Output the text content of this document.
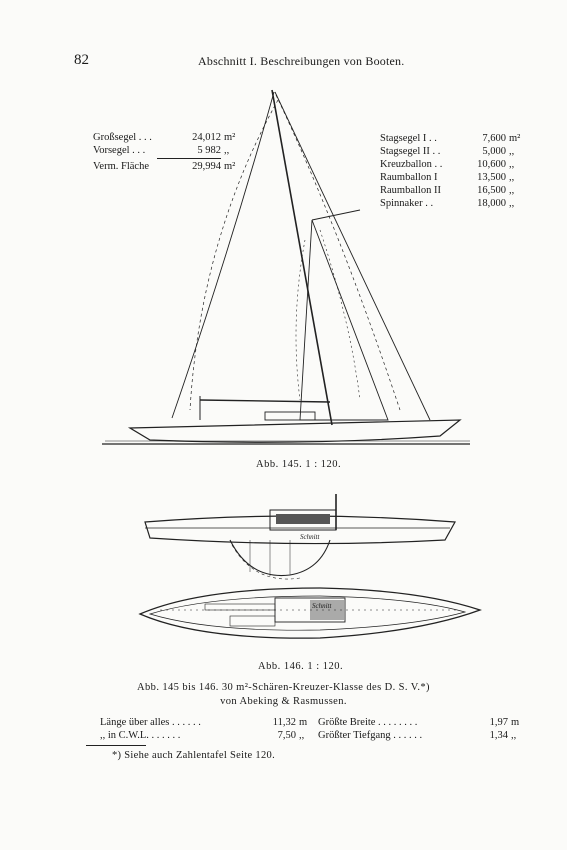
82	Abschnitt I. Beschreibungen von Booten.
Großsegel . . .	24,012 m²
Vorsegel . . .	5 982 ,,
Verm. Fläche	29,994 m²
Stagsegel I . .	7,600 m²
Stagsegel II . .	5,000 ,,
Kreuzballon . .	10,600 ,,
Raumballon I	13,500 ,,
Raumballon II	16,500 ,,
Spinnaker . .	18,000 ,,
Abb. 145. 1 : 120.
Schnitt
Schnitt
Abb. 146. 1 : 120.
Abb. 145 bis 146. 30 m²-Schären-Kreuzer-Klasse des D. S. V.*)
von Abeking & Rasmussen.
Länge über alles . . . . . .	11,32 m
,, in C.W.L. . . . . . .	7,50 ,,
Größte Breite . . . . . . . .	1,97 m
Größter Tiefgang . . . . . .	1,34 ,,
*) Siehe auch Zahlentafel Seite 120.
